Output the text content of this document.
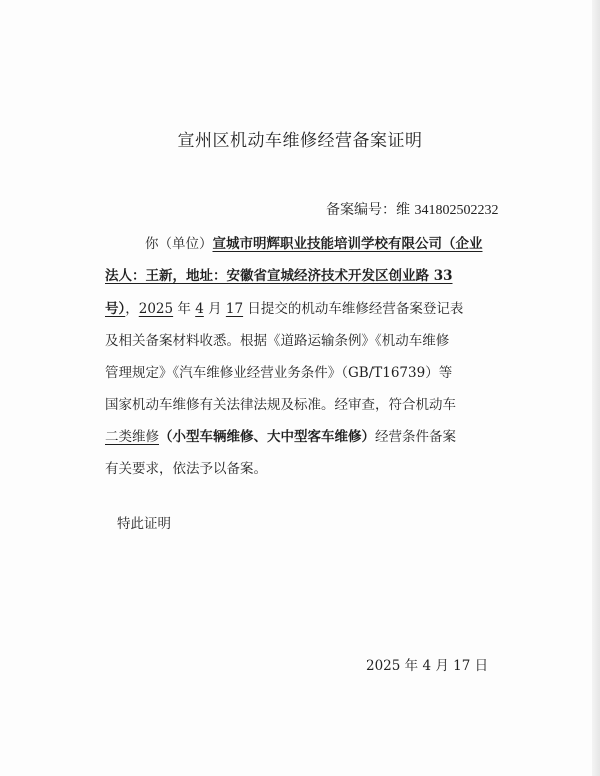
宣州区机动车维修经营备案证明
备案编号：维 341802502232
你（单位）宣城市明辉职业技能培训学校有限公司（企业
法人：王新，地址：安徽省宣城经济技术开发区创业路 33
号），2025 年 4 月 17 日提交的机动车维修经营备案登记表
及相关备案材料收悉。根据《道路运输条例》《机动车维修
管理规定》《汽车维修业经营业务条件》（GB/T16739）等
国家机动车维修有关法律法规及标准。经审查，符合机动车
二类维修（小型车辆维修、大中型客车维修）经营条件备案
有关要求，依法予以备案。
特此证明
2025 年 4 月 17 日
